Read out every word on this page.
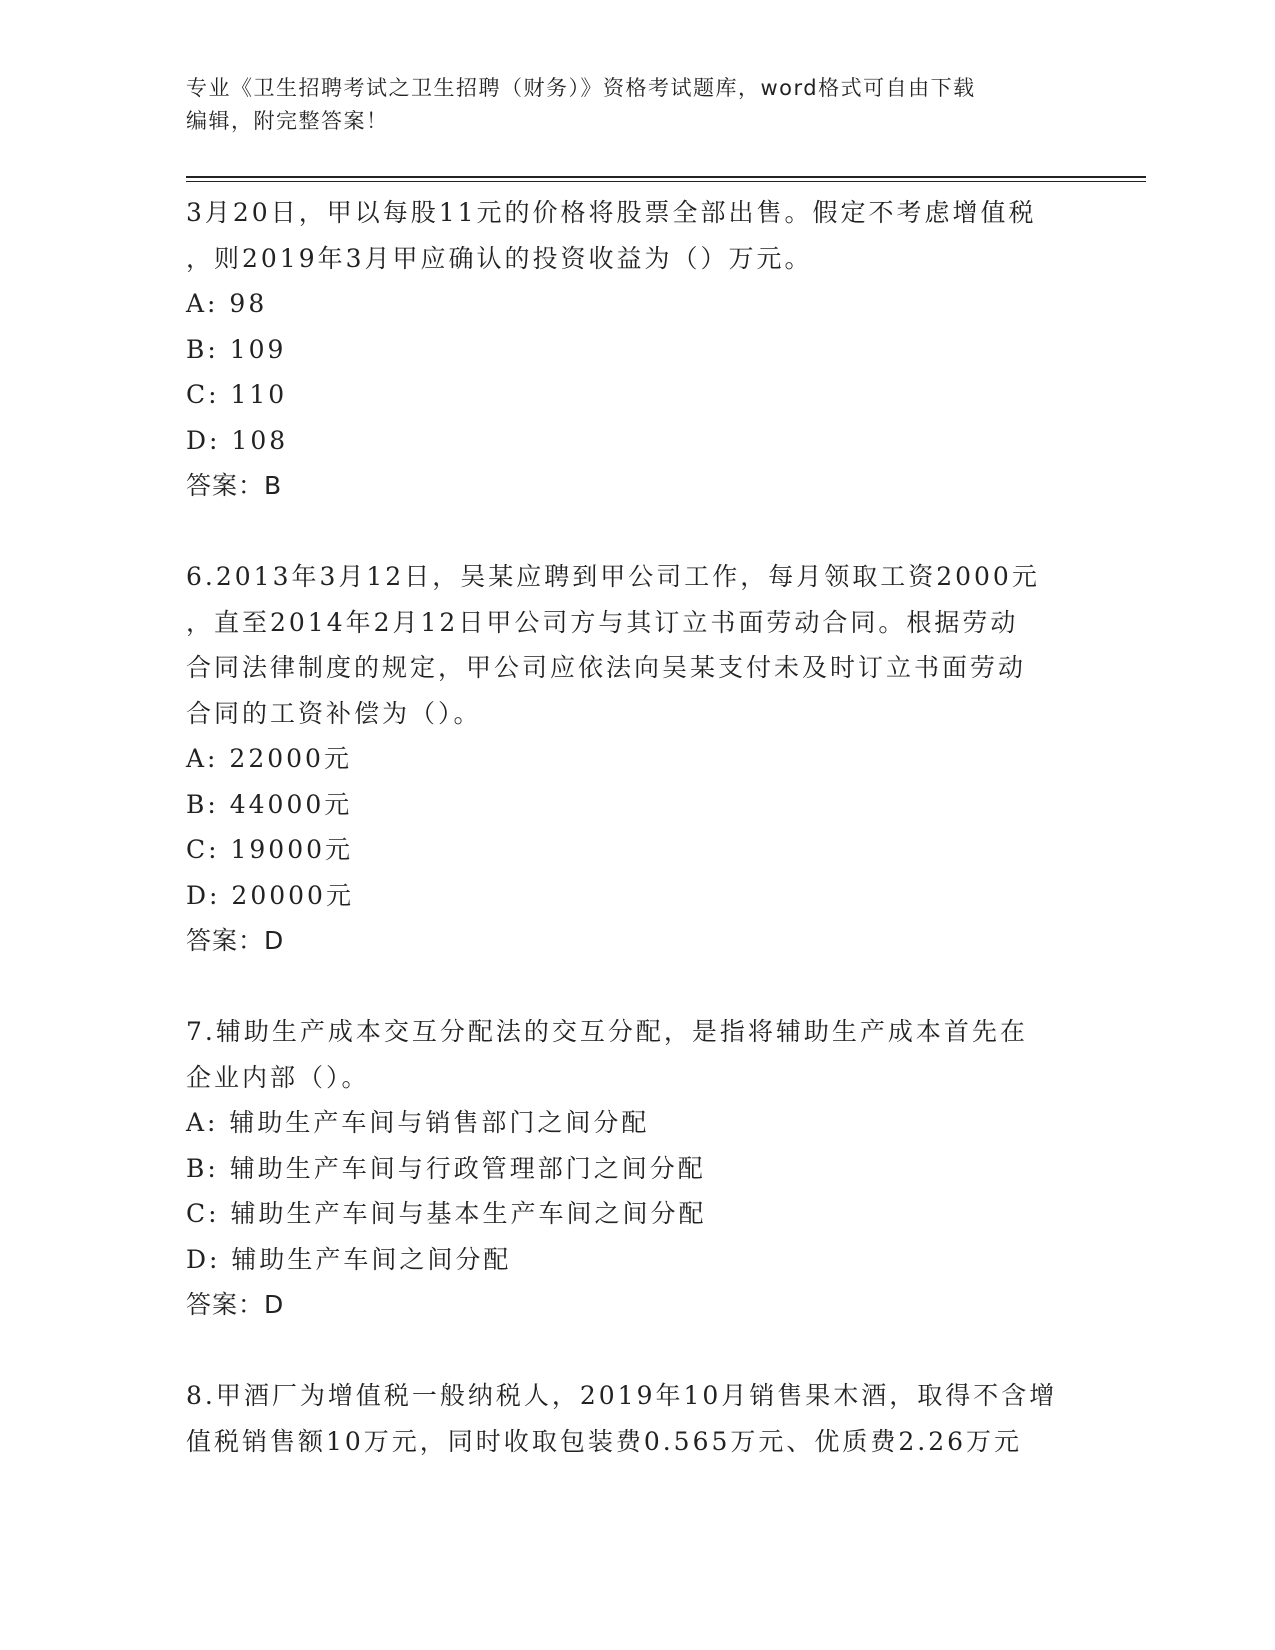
专业《卫生招聘考试之卫生招聘（财务）》资格考试题库，word格式可自由下载
编辑，附完整答案！
3月20日，甲以每股11元的价格将股票全部出售。假定不考虑增值税
，则2019年3月甲应确认的投资收益为（）万元。
A: 98
B: 109
C: 110
D: 108
答案：B
6.2013年3月12日，吴某应聘到甲公司工作，每月领取工资2000元
，直至2014年2月12日甲公司方与其订立书面劳动合同。根据劳动
合同法律制度的规定，甲公司应依法向吴某支付未及时订立书面劳动
合同的工资补偿为（）。
A: 22000元
B: 44000元
C: 19000元
D: 20000元
答案：D
7.辅助生产成本交互分配法的交互分配，是指将辅助生产成本首先在
企业内部（）。
A: 辅助生产车间与销售部门之间分配
B: 辅助生产车间与行政管理部门之间分配
C: 辅助生产车间与基本生产车间之间分配
D: 辅助生产车间之间分配
答案：D
8.甲酒厂为增值税一般纳税人，2019年10月销售果木酒，取得不含增
值税销售额10万元，同时收取包装费0.565万元、优质费2.26万元
